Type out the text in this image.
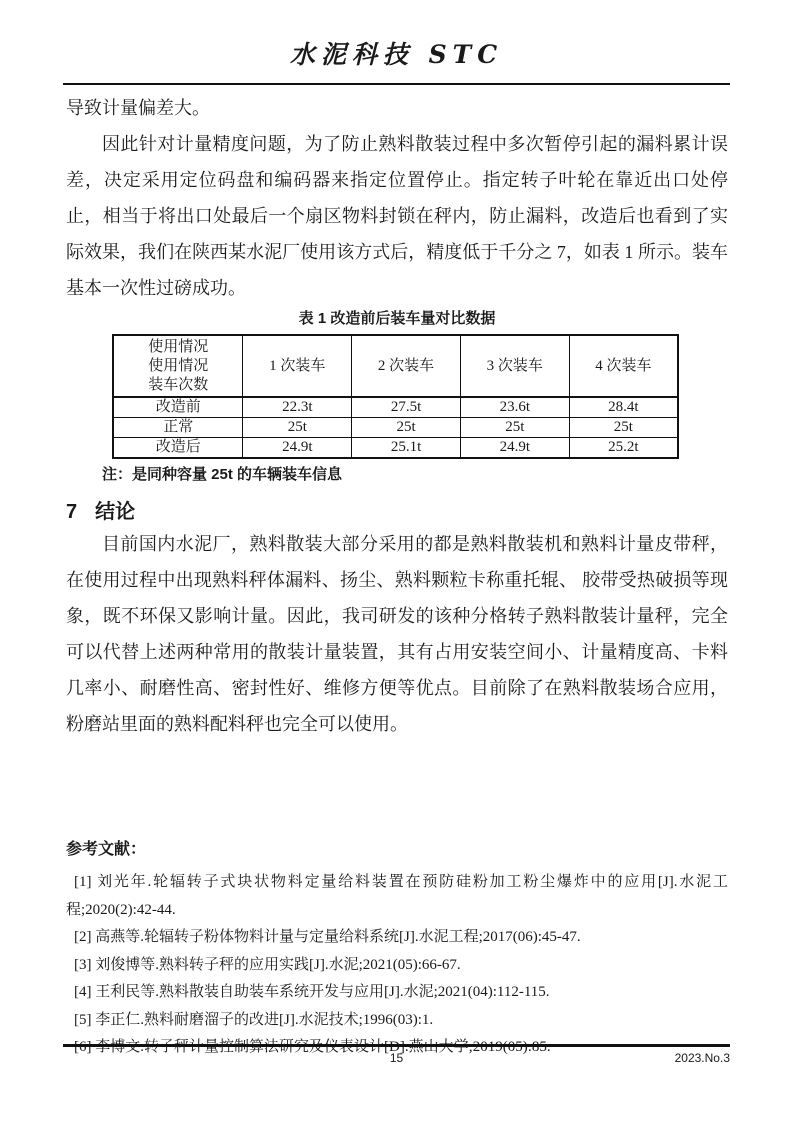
水泥科技 STC

导致计量偏差大。

因此针对计量精度问题，为了防止熟料散装过程中多次暂停引起的漏料累计误差，决定采用定位码盘和编码器来指定位置停止。指定转子叶轮在靠近出口处停止，相当于将出口处最后一个扇区物料封锁在秤内，防止漏料，改造后也看到了实际效果，我们在陕西某水泥厂使用该方式后，精度低于千分之 7，如表 1 所示。装车基本一次性过磅成功。

表 1 改造前后装车量对比数据
使用情况
使用情况
装车次数	1 次装车	2 次装车	3 次装车	4 次装车
改造前	22.3t	27.5t	23.6t	28.4t
正常	25t	25t	25t	25t
改造后	24.9t	25.1t	24.9t	25.2t
注：是同种容量 25t 的车辆装车信息
7 结论

目前国内水泥厂，熟料散装大部分采用的都是熟料散装机和熟料计量皮带秤，在使用过程中出现熟料秤体漏料、扬尘、熟料颗粒卡称重托辊、 胶带受热破损等现象，既不环保又影响计量。因此，我司研发的该种分格转子熟料散装计量秤，完全可以代替上述两种常用的散装计量装置，其有占用安装空间小、计量精度高、卡料几率小、耐磨性高、密封性好、维修方便等优点。目前除了在熟料散装场合应用，粉磨站里面的熟料配料秤也完全可以使用。

参考文献：

[1] 刘光年.轮辐转子式块状物料定量给料装置在预防硅粉加工粉尘爆炸中的应用[J].水泥工程;2020(2):42-44.

[2] 高燕等.轮辐转子粉体物料计量与定量给料系统[J].水泥工程;2017(06):45-47.

[3] 刘俊博等.熟料转子秤的应用实践[J].水泥;2021(05):66-67.

[4] 王利民等.熟料散装自助装车系统开发与应用[J].水泥;2021(04):112-115.

[5] 李正仁.熟料耐磨溜子的改进[J].水泥技术;1996(03):1.

[6] 李博文.转子秤计量控制算法研究及仪表设计[D].燕山大学;2019(05):85.

15	2023.No.3
